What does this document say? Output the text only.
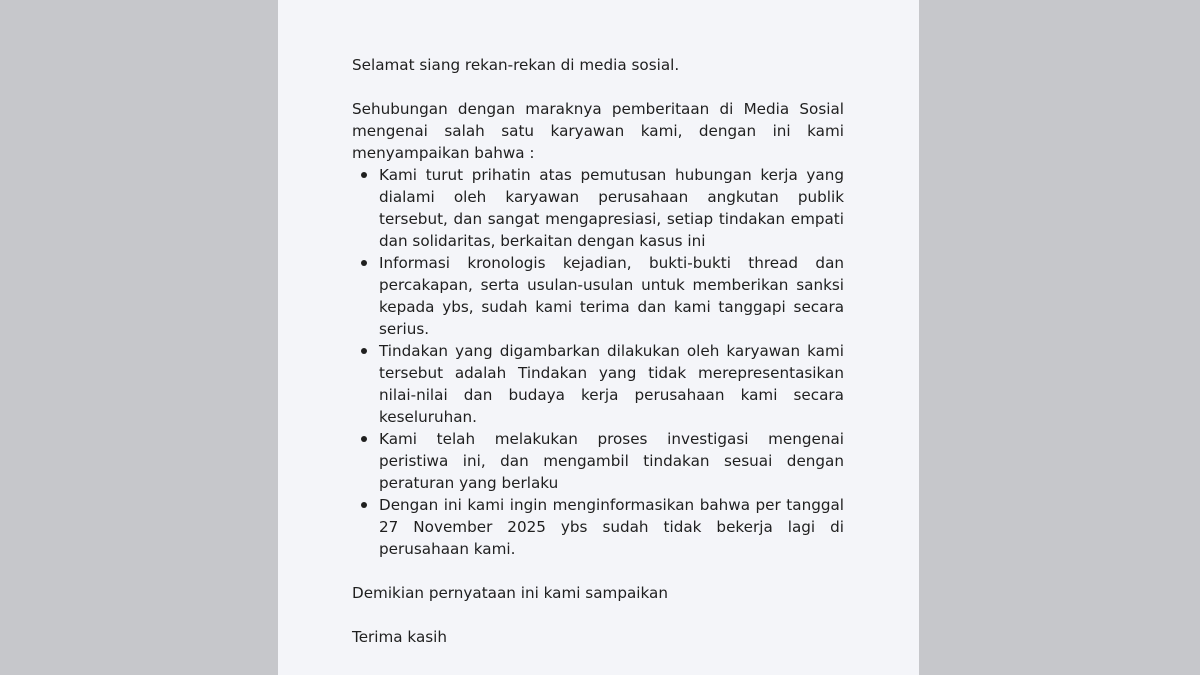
Selamat siang rekan-rekan di media sosial.

Sehubungan dengan maraknya pemberitaan di Media Sosial mengenai salah satu karyawan kami, dengan ini kami menyampaikan bahwa :

Kami turut prihatin atas pemutusan hubungan kerja yang dialami oleh karyawan perusahaan angkutan publik tersebut, dan sangat mengapresiasi, setiap tindakan empati dan solidaritas, berkaitan dengan kasus ini
Informasi kronologis kejadian, bukti-bukti thread dan percakapan, serta usulan-usulan untuk memberikan sanksi kepada ybs, sudah kami terima dan kami tanggapi secara serius.
Tindakan yang digambarkan dilakukan oleh karyawan kami tersebut adalah Tindakan yang tidak merepresentasikan nilai-nilai dan budaya kerja perusahaan kami secara keseluruhan.
Kami telah melakukan proses investigasi mengenai peristiwa ini, dan mengambil tindakan sesuai dengan peraturan yang berlaku
Dengan ini kami ingin menginformasikan bahwa per tanggal 27 November 2025 ybs sudah tidak bekerja lagi di perusahaan kami.

Demikian pernyataan ini kami sampaikan

Terima kasih
